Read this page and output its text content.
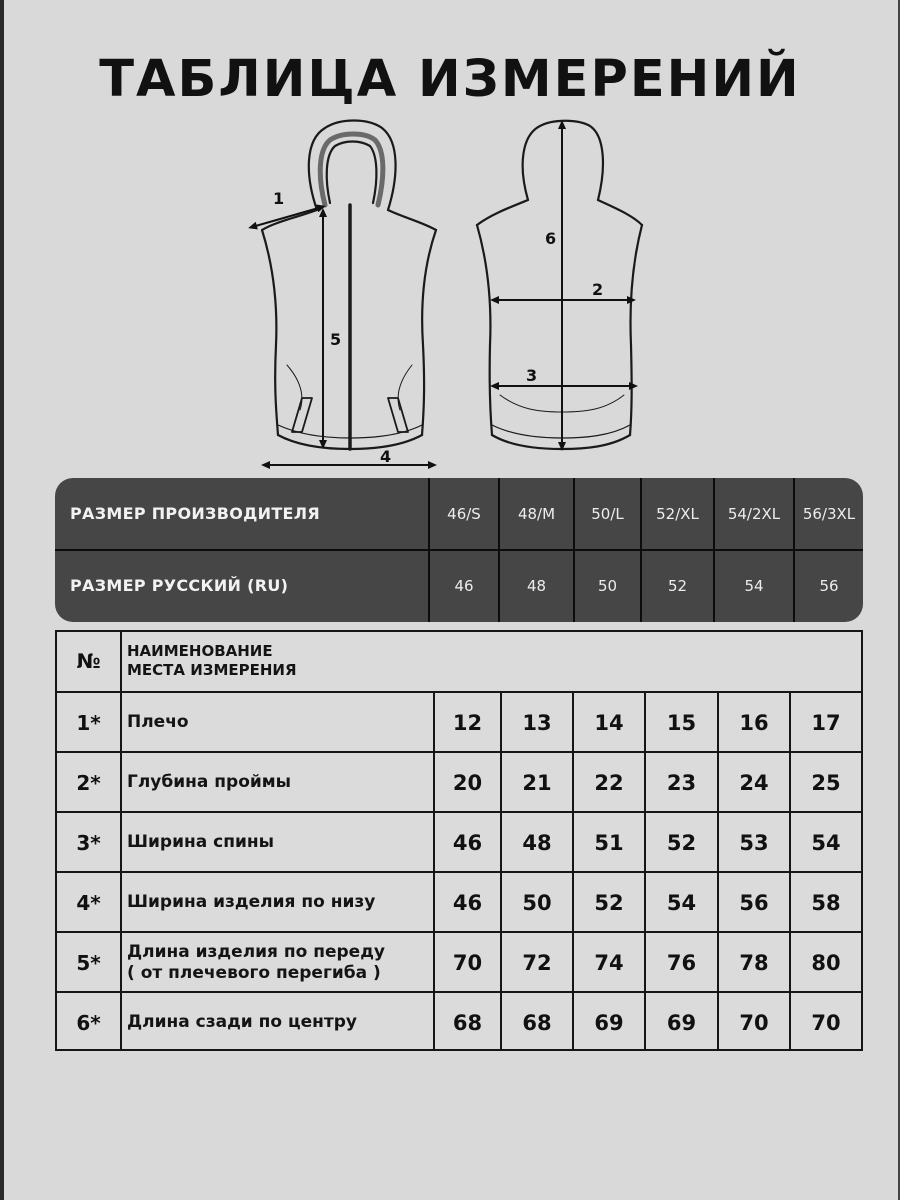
ТАБЛИЦА ИЗМЕРЕНИЙ
1
2
3
4
5
6
РАЗМЕР ПРОИЗВОДИТЕЛЯ	46/S	48/M	50/L	52/XL	54/2XL	56/3XL
РАЗМЕР РУССКИЙ (RU)	46	48	50	52	54	56
№	НАИМЕНОВАНИЕ
МЕСТА ИЗМЕРЕНИЯ
1*	Плечо	12	13	14	15	16	17
2*	Глубина проймы	20	21	22	23	24	25
3*	Ширина спины	46	48	51	52	53	54
4*	Ширина изделия по низу	46	50	52	54	56	58
5*	Длина изделия по переду
( от плечевого перегиба )	70	72	74	76	78	80
6*	Длина сзади по центру	68	68	69	69	70	70
